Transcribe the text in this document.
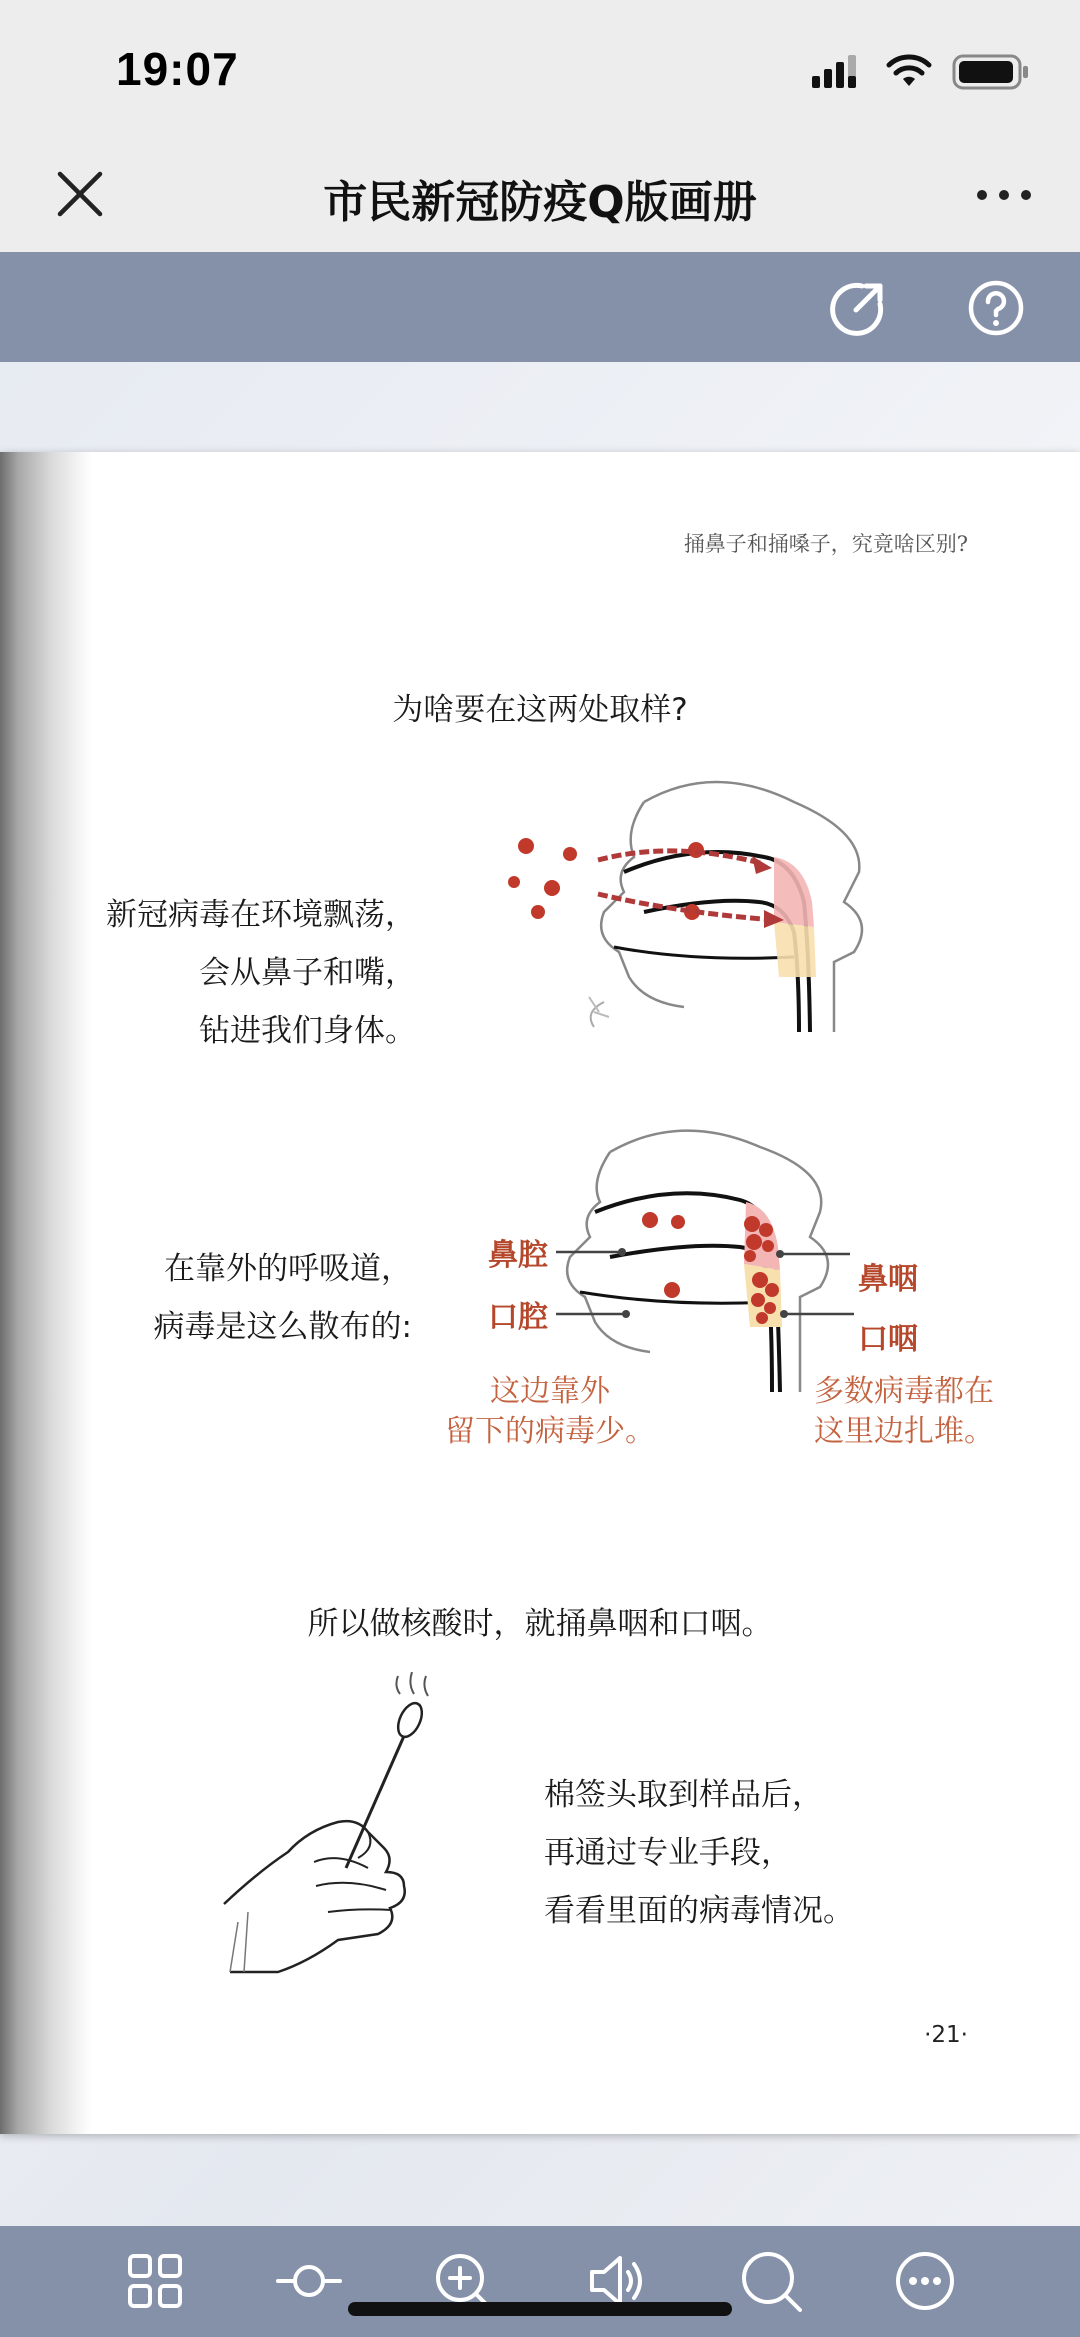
19:07
市民新冠防疫Q版画册
捅鼻子和捅嗓子，究竟啥区别?
为啥要在这两处取样?
新冠病毒在环境飘荡，
会从鼻子和嘴，
钻进我们身体。
在靠外的呼吸道，
病毒是这么散布的:
鼻腔
口腔
鼻咽
口咽
这边靠外
留下的病毒少。
多数病毒都在
这里边扎堆。
所以做核酸时，就捅鼻咽和口咽。
棉签头取到样品后，
再通过专业手段，
看看里面的病毒情况。
·21·
